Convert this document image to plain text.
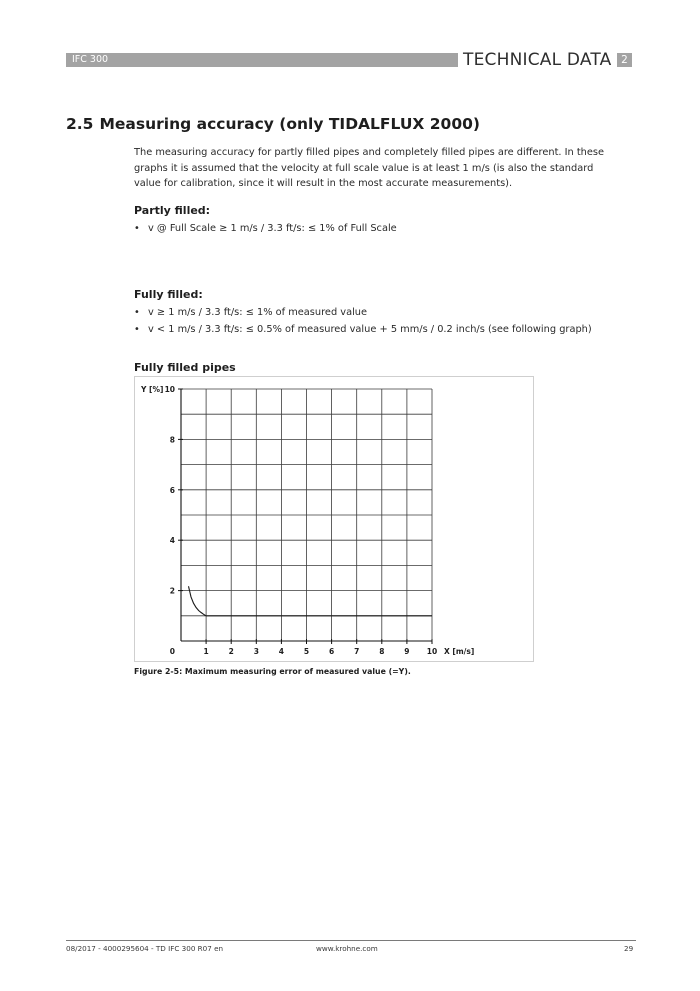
IFC 300	TECHNICAL DATA 2
2.5 Measuring accuracy (only TIDALFLUX 2000)

The measuring accuracy for partly filled pipes and completely filled pipes are different. In these

graphs it is assumed that the velocity at full scale value is at least 1 m/s (is also the standard

value for calibration, since it will result in the most accurate measurements).

Partly filled:
• v @ Full Scale ≥ 1 m/s / 3.3 ft/s: ≤ 1% of Full Scale
Fully filled:
• v ≥ 1 m/s / 3.3 ft/s: ≤ 1% of measured value
• v < 1 m/s / 3.3 ft/s: ≤ 0.5% of measured value + 5 mm/s / 0.2 inch/s (see following graph)
Fully filled pipes
1	2	3	4	5	6	7	8	9 10
2
4
6
8
10
0	X [m/s]
Y [%]
Figure 2-5: Maximum measuring error of measured value (=Y).
08/2017 - 4000295604 - TD IFC 300 R07 en	www.krohne.com	29
